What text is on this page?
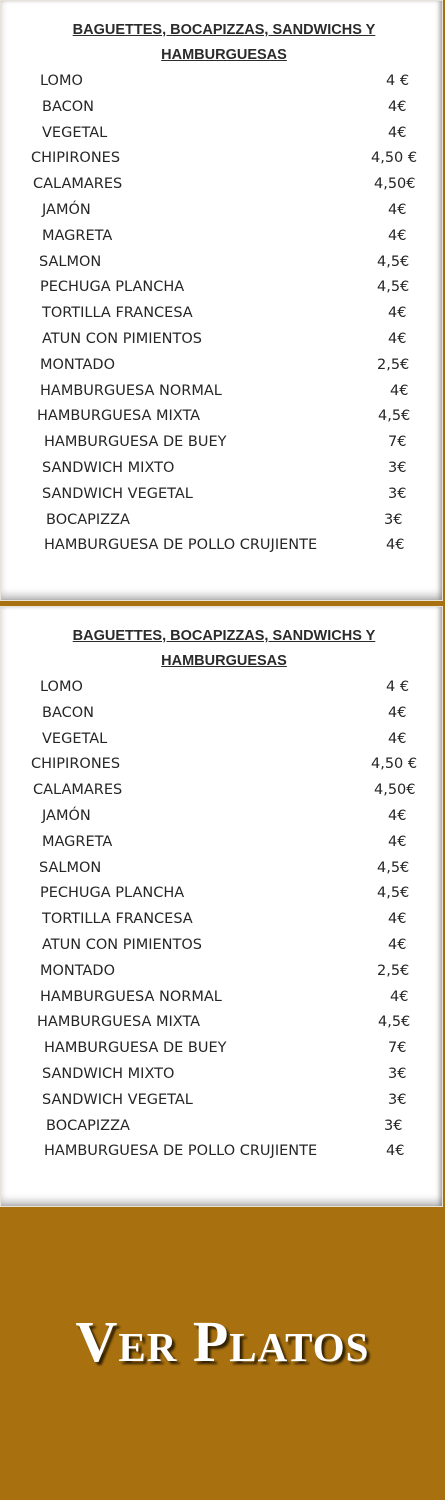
BAGUETTES, BOCAPIZZAS, SANDWICHS Y
HAMBURGUESAS
LOMO	4 €
BACON	4€
VEGETAL	4€
CHIPIRONES	4,50 €
CALAMARES	4,50€
JAMÓN	4€
MAGRETA	4€
SALMON	4,5€
PECHUGA PLANCHA	4,5€
TORTILLA FRANCESA	4€
ATUN CON PIMIENTOS	4€
MONTADO	2,5€
HAMBURGUESA NORMAL	4€
HAMBURGUESA MIXTA	4,5€
HAMBURGUESA DE BUEY	7€
SANDWICH MIXTO	3€
SANDWICH VEGETAL	3€
BOCAPIZZA	3€
HAMBURGUESA DE POLLO CRUJIENTE	4€
BAGUETTES, BOCAPIZZAS, SANDWICHS Y
HAMBURGUESAS
LOMO	4 €
BACON	4€
VEGETAL	4€
CHIPIRONES	4,50 €
CALAMARES	4,50€
JAMÓN	4€
MAGRETA	4€
SALMON	4,5€
PECHUGA PLANCHA	4,5€
TORTILLA FRANCESA	4€
ATUN CON PIMIENTOS	4€
MONTADO	2,5€
HAMBURGUESA NORMAL	4€
HAMBURGUESA MIXTA	4,5€
HAMBURGUESA DE BUEY	7€
SANDWICH MIXTO	3€
SANDWICH VEGETAL	3€
BOCAPIZZA	3€
HAMBURGUESA DE POLLO CRUJIENTE	4€
Ver Platos
